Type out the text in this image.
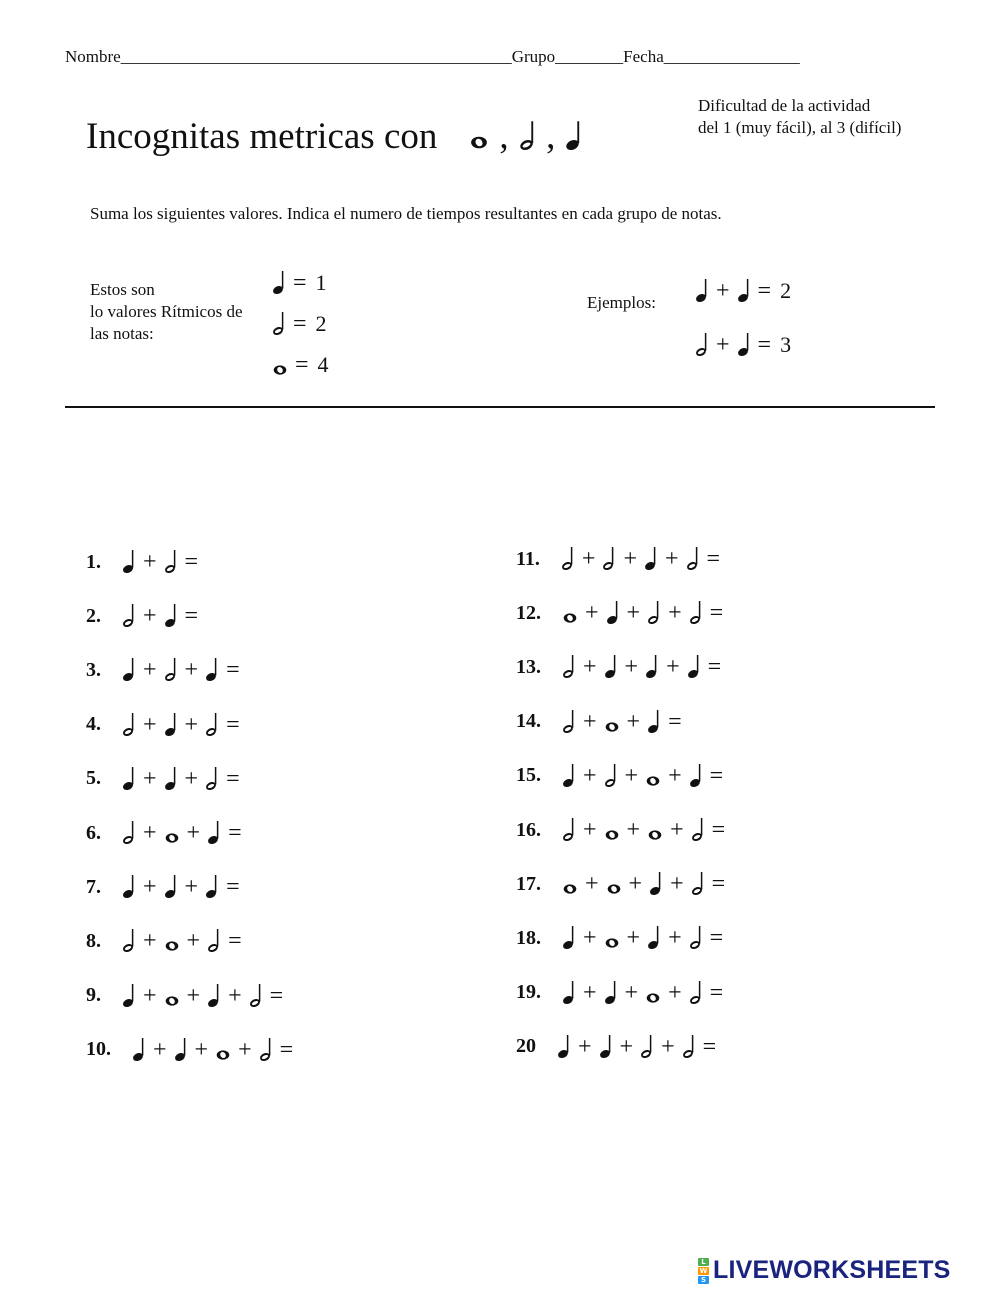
Nombre______________________________________________Grupo________Fecha________________
Incognitas metricas con , ,
Dificultad de la actividad
del 1 (muy fácil), al 3 (difícil)
Suma los siguientes valores. Indica el numero de tiempos resultantes en cada grupo de notas.
Estos son
lo valores Rítmicos de
las notas:
= 1
= 2
= 4
Ejemplos:	+ = 2
+ = 3
1. + =
2. + =
3. + + =
4. + + =
5. + + =
6. + + =
7. + + =
8. + + =
9. + + + =
10. + + + =
11. + + + =
12. + + + =
13. + + + =
14. + + =
15. + + + =
16. + + + =
17. + + + =
18. + + + =
19. + + + =
20 + + + =
L
W
S LIVEWORKSHEETS
